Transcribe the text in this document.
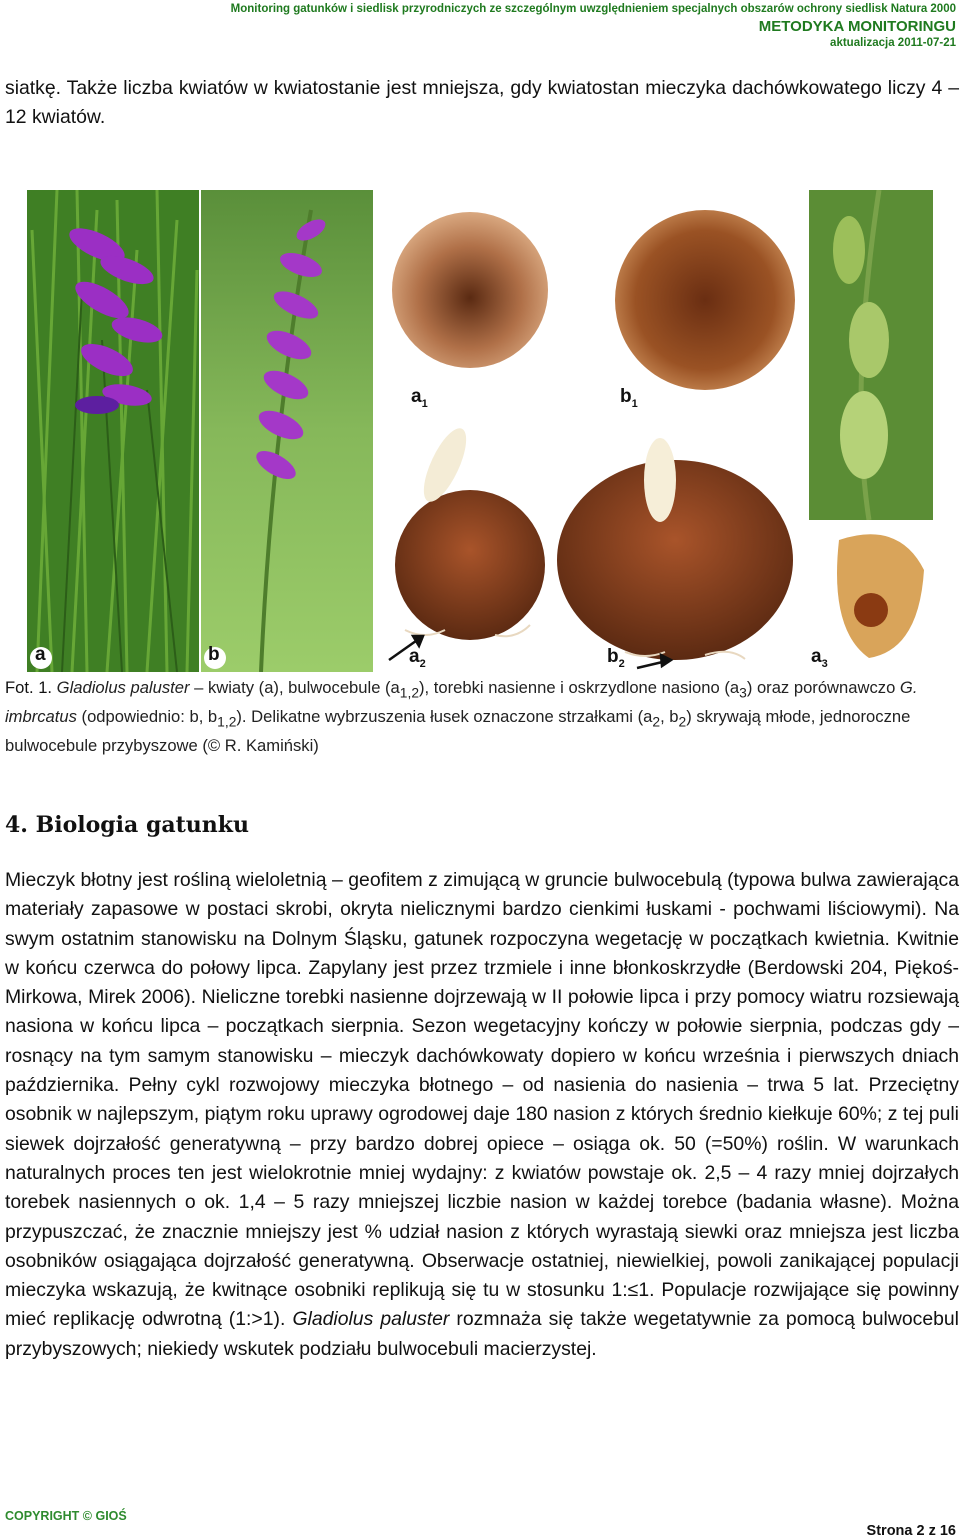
Monitoring gatunków i siedlisk przyrodniczych ze szczególnym uwzględnieniem specjalnych obszarów ochrony siedlisk Natura 2000
METODYKA MONITORINGU
aktualizacja 2011-07-21
siatkę. Także liczba kwiatów w kwiatostanie jest mniejsza, gdy kwiatostan mieczyka dachówkowatego liczy 4 – 12 kwiatów.
a	b
$a_1$	$b_1$
$a_2$	$b_2$	$a_3$
Fot. 1. Gladiolus paluster – kwiaty (a), bulwocebule $(a_{1,2})$, torebki nasienne i oskrzydlone nasiono $(a_3)$ oraz porównawczo G. imbrcatus (odpowiednio: b, $b_{1,2}$). Delikatne wybrzuszenia łusek oznaczone strzałkami ($a_2$, $b_2$) skrywają młode, jednoroczne bulwocebule przybyszowe (© R. Kamiński)
4. Biologia gatunku
Mieczyk błotny jest rośliną wieloletnią – geofitem z zimującą w gruncie bulwocebulą (typowa bulwa zawierająca materiały zapasowe w postaci skrobi, okryta nielicznymi bardzo cienkimi łuskami - pochwami liściowymi). Na swym ostatnim stanowisku na Dolnym Śląsku, gatunek rozpoczyna wegetację w początkach kwietnia. Kwitnie w końcu czerwca do połowy lipca. Zapylany jest przez trzmiele i inne błonkoskrzydłe (Berdowski 204, Piękoś-Mirkowa, Mirek 2006). Nieliczne torebki nasienne dojrzewają w II połowie lipca i przy pomocy wiatru rozsiewają nasiona w końcu lipca – początkach sierpnia. Sezon wegetacyjny kończy w połowie sierpnia, podczas gdy – rosnący na tym samym stanowisku – mieczyk dachówkowaty dopiero w końcu września i pierwszych dniach października. Pełny cykl rozwojowy mieczyka błotnego – od nasienia do nasienia – trwa 5 lat. Przeciętny osobnik w najlepszym, piątym roku uprawy ogrodowej daje 180 nasion z których średnio kiełkuje 60%; z tej puli siewek dojrzałość generatywną – przy bardzo dobrej opiece – osiąga ok. 50 (=50%) roślin. W warunkach naturalnych proces ten jest wielokrotnie mniej wydajny: z kwiatów powstaje ok. 2,5 – 4 razy mniej dojrzałych torebek nasiennych o ok. 1,4 – 5 razy mniejszej liczbie nasion w każdej torebce (badania własne). Można przypuszczać, że znacznie mniejszy jest % udział nasion z których wyrastają siewki oraz mniejsza jest liczba osobników osiągająca dojrzałość generatywną. Obserwacje ostatniej, niewielkiej, powoli zanikającej populacji mieczyka wskazują, że kwitnące osobniki replikują się tu w stosunku 1:≤1. Populacje rozwijające się powinny mieć replikację odwrotną (1:>1). Gladiolus paluster rozmnaża się także wegetatywnie za pomocą bulwocebul przybyszowych; niekiedy wskutek podziału bulwocebuli macierzystej.
COPYRIGHT © GIOŚ
Strona 2 z 16
